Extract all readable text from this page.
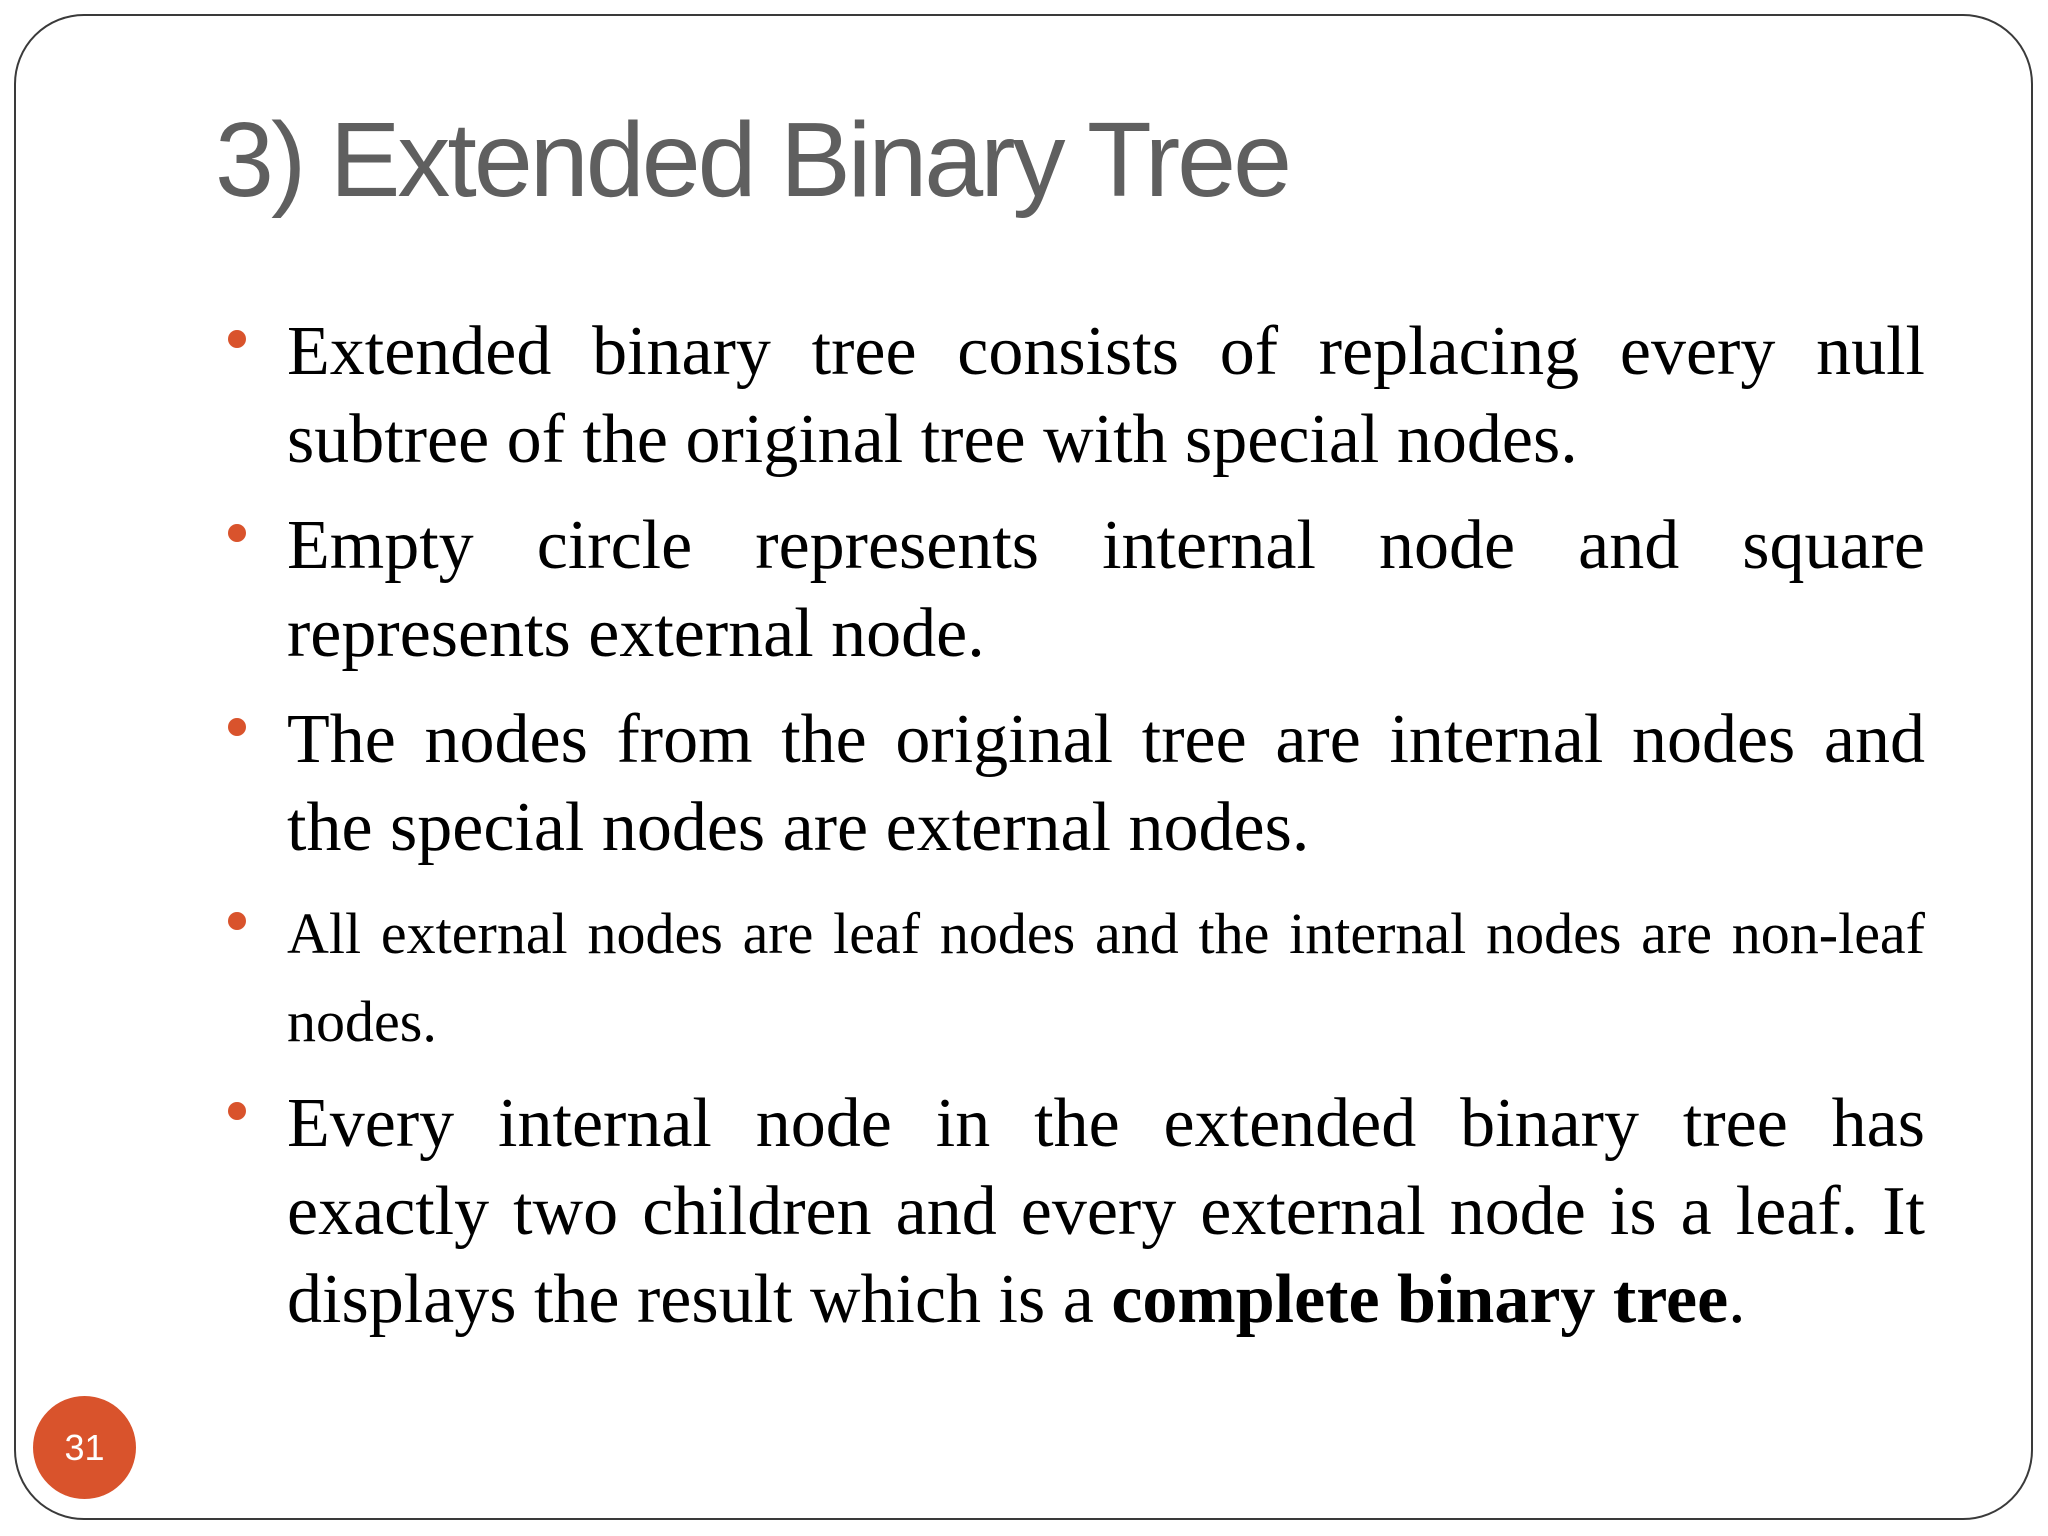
3) Extended Binary Tree
Extended binary tree consists of replacing every null subtree of the original tree with special nodes.
Empty circle represents internal node and square represents external node.
The nodes from the original tree are internal nodes and the special nodes are external nodes.
All external nodes are leaf nodes and the internal nodes are non-leaf nodes.
Every internal node in the extended binary tree has exactly two children and every external node is a leaf. It displays the result which is a complete binary tree.
31
